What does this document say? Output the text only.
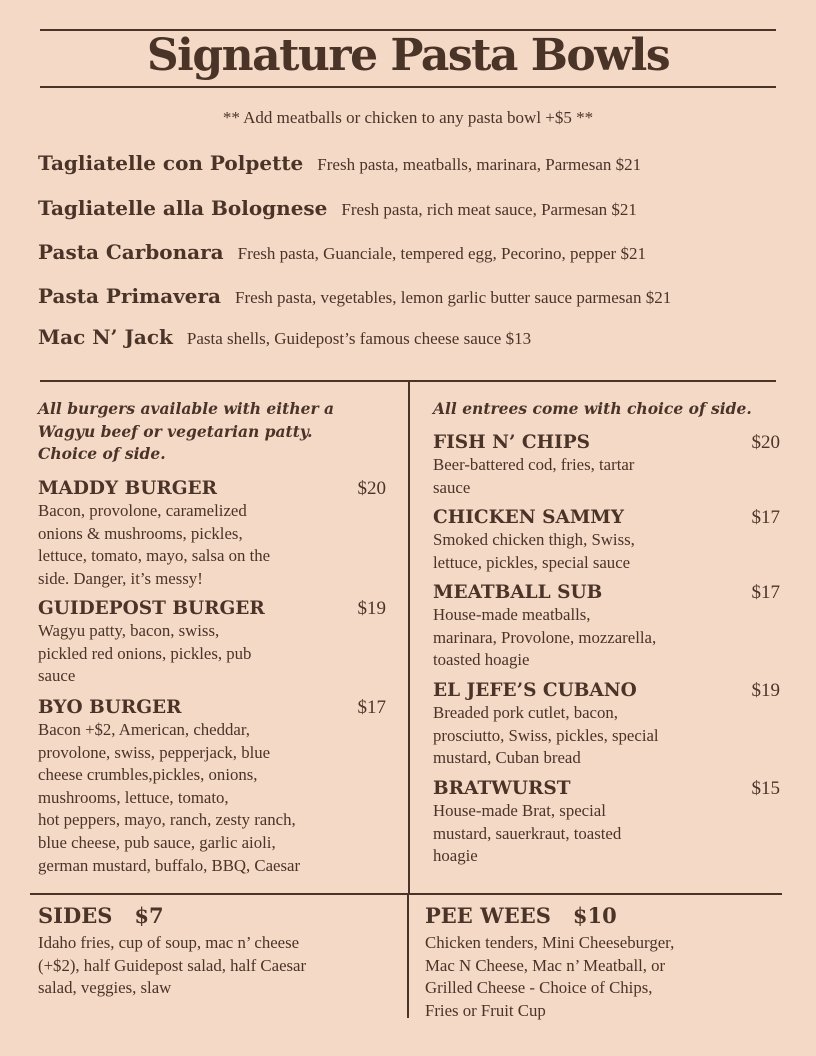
Signature Pasta Bowls
** Add meatballs or chicken to any pasta bowl +$5 **
Tagliatelle con Polpette Fresh pasta, meatballs, marinara, Parmesan $21
Tagliatelle alla Bolognese Fresh pasta, rich meat sauce, Parmesan $21
Pasta Carbonara Fresh pasta, Guanciale, tempered egg, Pecorino, pepper $21
Pasta Primavera Fresh pasta, vegetables, lemon garlic butter sauce parmesan $21
Mac N’ Jack Pasta shells, Guidepost’s famous cheese sauce $13
All burgers available with either a
Wagyu beef or vegetarian patty.
Choice of side.
MADDY BURGER	$20
Bacon, provolone, caramelized
onions & mushrooms, pickles,
lettuce, tomato, mayo, salsa on the
side. Danger, it’s messy!
GUIDEPOST BURGER	$19
Wagyu patty, bacon, swiss,
pickled red onions, pickles, pub
sauce
BYO BURGER	$17
Bacon +$2, American, cheddar,
provolone, swiss, pepperjack, blue
cheese crumbles,pickles, onions,
mushrooms, lettuce, tomato,
hot peppers, mayo, ranch, zesty ranch,
blue cheese, pub sauce, garlic aioli,
german mustard, buffalo, BBQ, Caesar
All entrees come with choice of side.
FISH N’ CHIPS	$20
Beer-battered cod, fries, tartar
sauce
CHICKEN SAMMY	$17
Smoked chicken thigh, Swiss,
lettuce, pickles, special sauce
MEATBALL SUB	$17
House-made meatballs,
marinara, Provolone, mozzarella,
toasted hoagie
EL JEFE’S CUBANO	$19
Breaded pork cutlet, bacon,
prosciutto, Swiss, pickles, special
mustard, Cuban bread
BRATWURST	$15
House-made Brat, special
mustard, sauerkraut, toasted
hoagie
SIDES $7
Idaho fries, cup of soup, mac n’ cheese
(+$2), half Guidepost salad, half Caesar
salad, veggies, slaw
PEE WEES $10
Chicken tenders, Mini Cheeseburger,
Mac N Cheese, Mac n’ Meatball, or
Grilled Cheese - Choice of Chips,
Fries or Fruit Cup
